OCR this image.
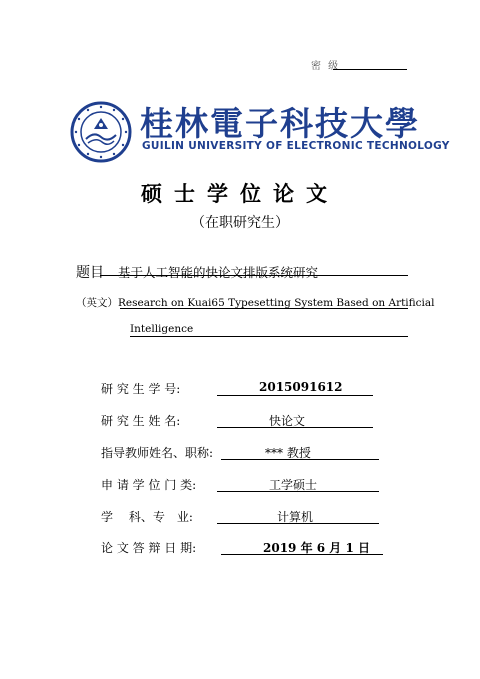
密 级
桂林電子科技大學
GUILIN UNIVERSITY OF ELECTRONIC TECHNOLOGY
硕士学位论文
（在职研究生）
题目 基于人工智能的快论文排版系统研究
（英文）Research on Kuai65 Typesetting System Based on Artificial
Intelligence
研 究 生 学 号:	2015091612
研 究 生 姓 名:	快论文
指导教师姓名、职称:	*** 教授
申 请 学 位 门 类:	工学硕士
学　 科、专　业:	计算机
论 文 答 辩 日 期:	2019 年 6 月 1 日
